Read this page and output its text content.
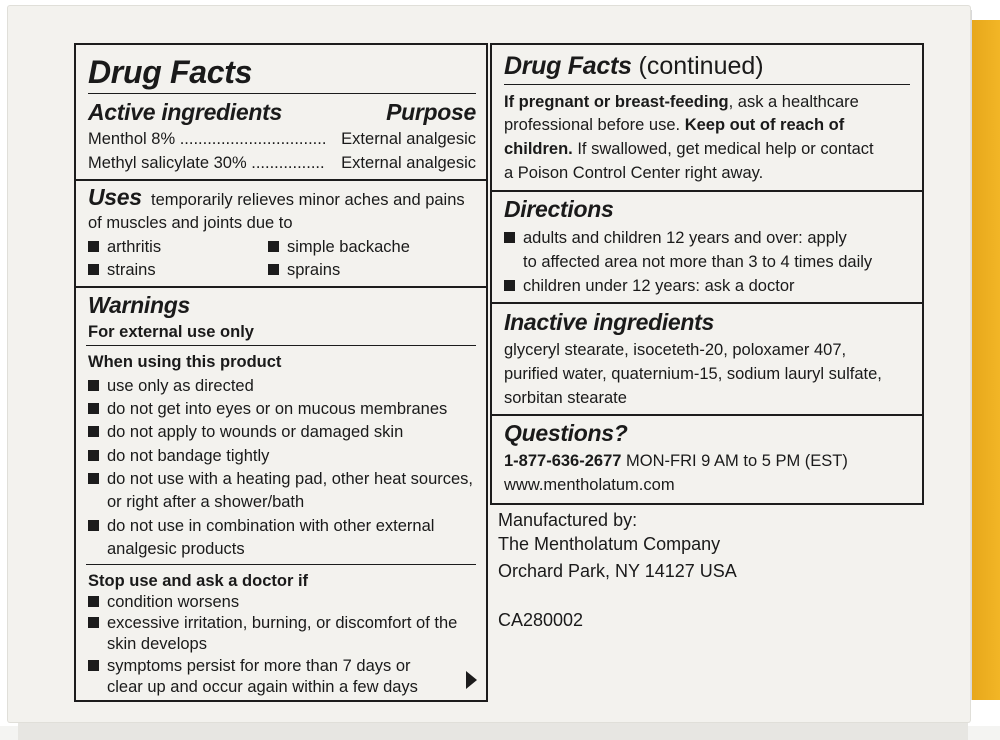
Drug Facts
Active ingredients	Purpose
Menthol 8% ................................ External analgesic
Methyl salicylate 30% ................ External analgesic
Uses temporarily relieves minor aches and pains
of muscles and joints due to
arthritis	simple backache
strains	sprains
Warnings
For external use only
When using this product
use only as directed
do not get into eyes or on mucous membranes
do not apply to wounds or damaged skin
do not bandage tightly
do not use with a heating pad, other heat sources,
or right after a shower/bath
do not use in combination with other external
analgesic products
Stop use and ask a doctor if
condition worsens
excessive irritation, burning, or discomfort of the
skin develops
symptoms persist for more than 7 days or
clear up and occur again within a few days
Drug Facts (continued)
If pregnant or breast-feeding, ask a healthcare
professional before use. Keep out of reach of
children. If swallowed, get medical help or contact
a Poison Control Center right away.
Directions
adults and children 12 years and over: apply
to affected area not more than 3 to 4 times daily
children under 12 years: ask a doctor
Inactive ingredients
glyceryl stearate, isoceteth-20, poloxamer 407,
purified water, quaternium-15, sodium lauryl sulfate,
sorbitan stearate
Questions?
1-877-636-2677 MON-FRI 9 AM to 5 PM (EST)
www.mentholatum.com
Manufactured by:
The Mentholatum Company
Orchard Park, NY 14127 USA
CA280002
